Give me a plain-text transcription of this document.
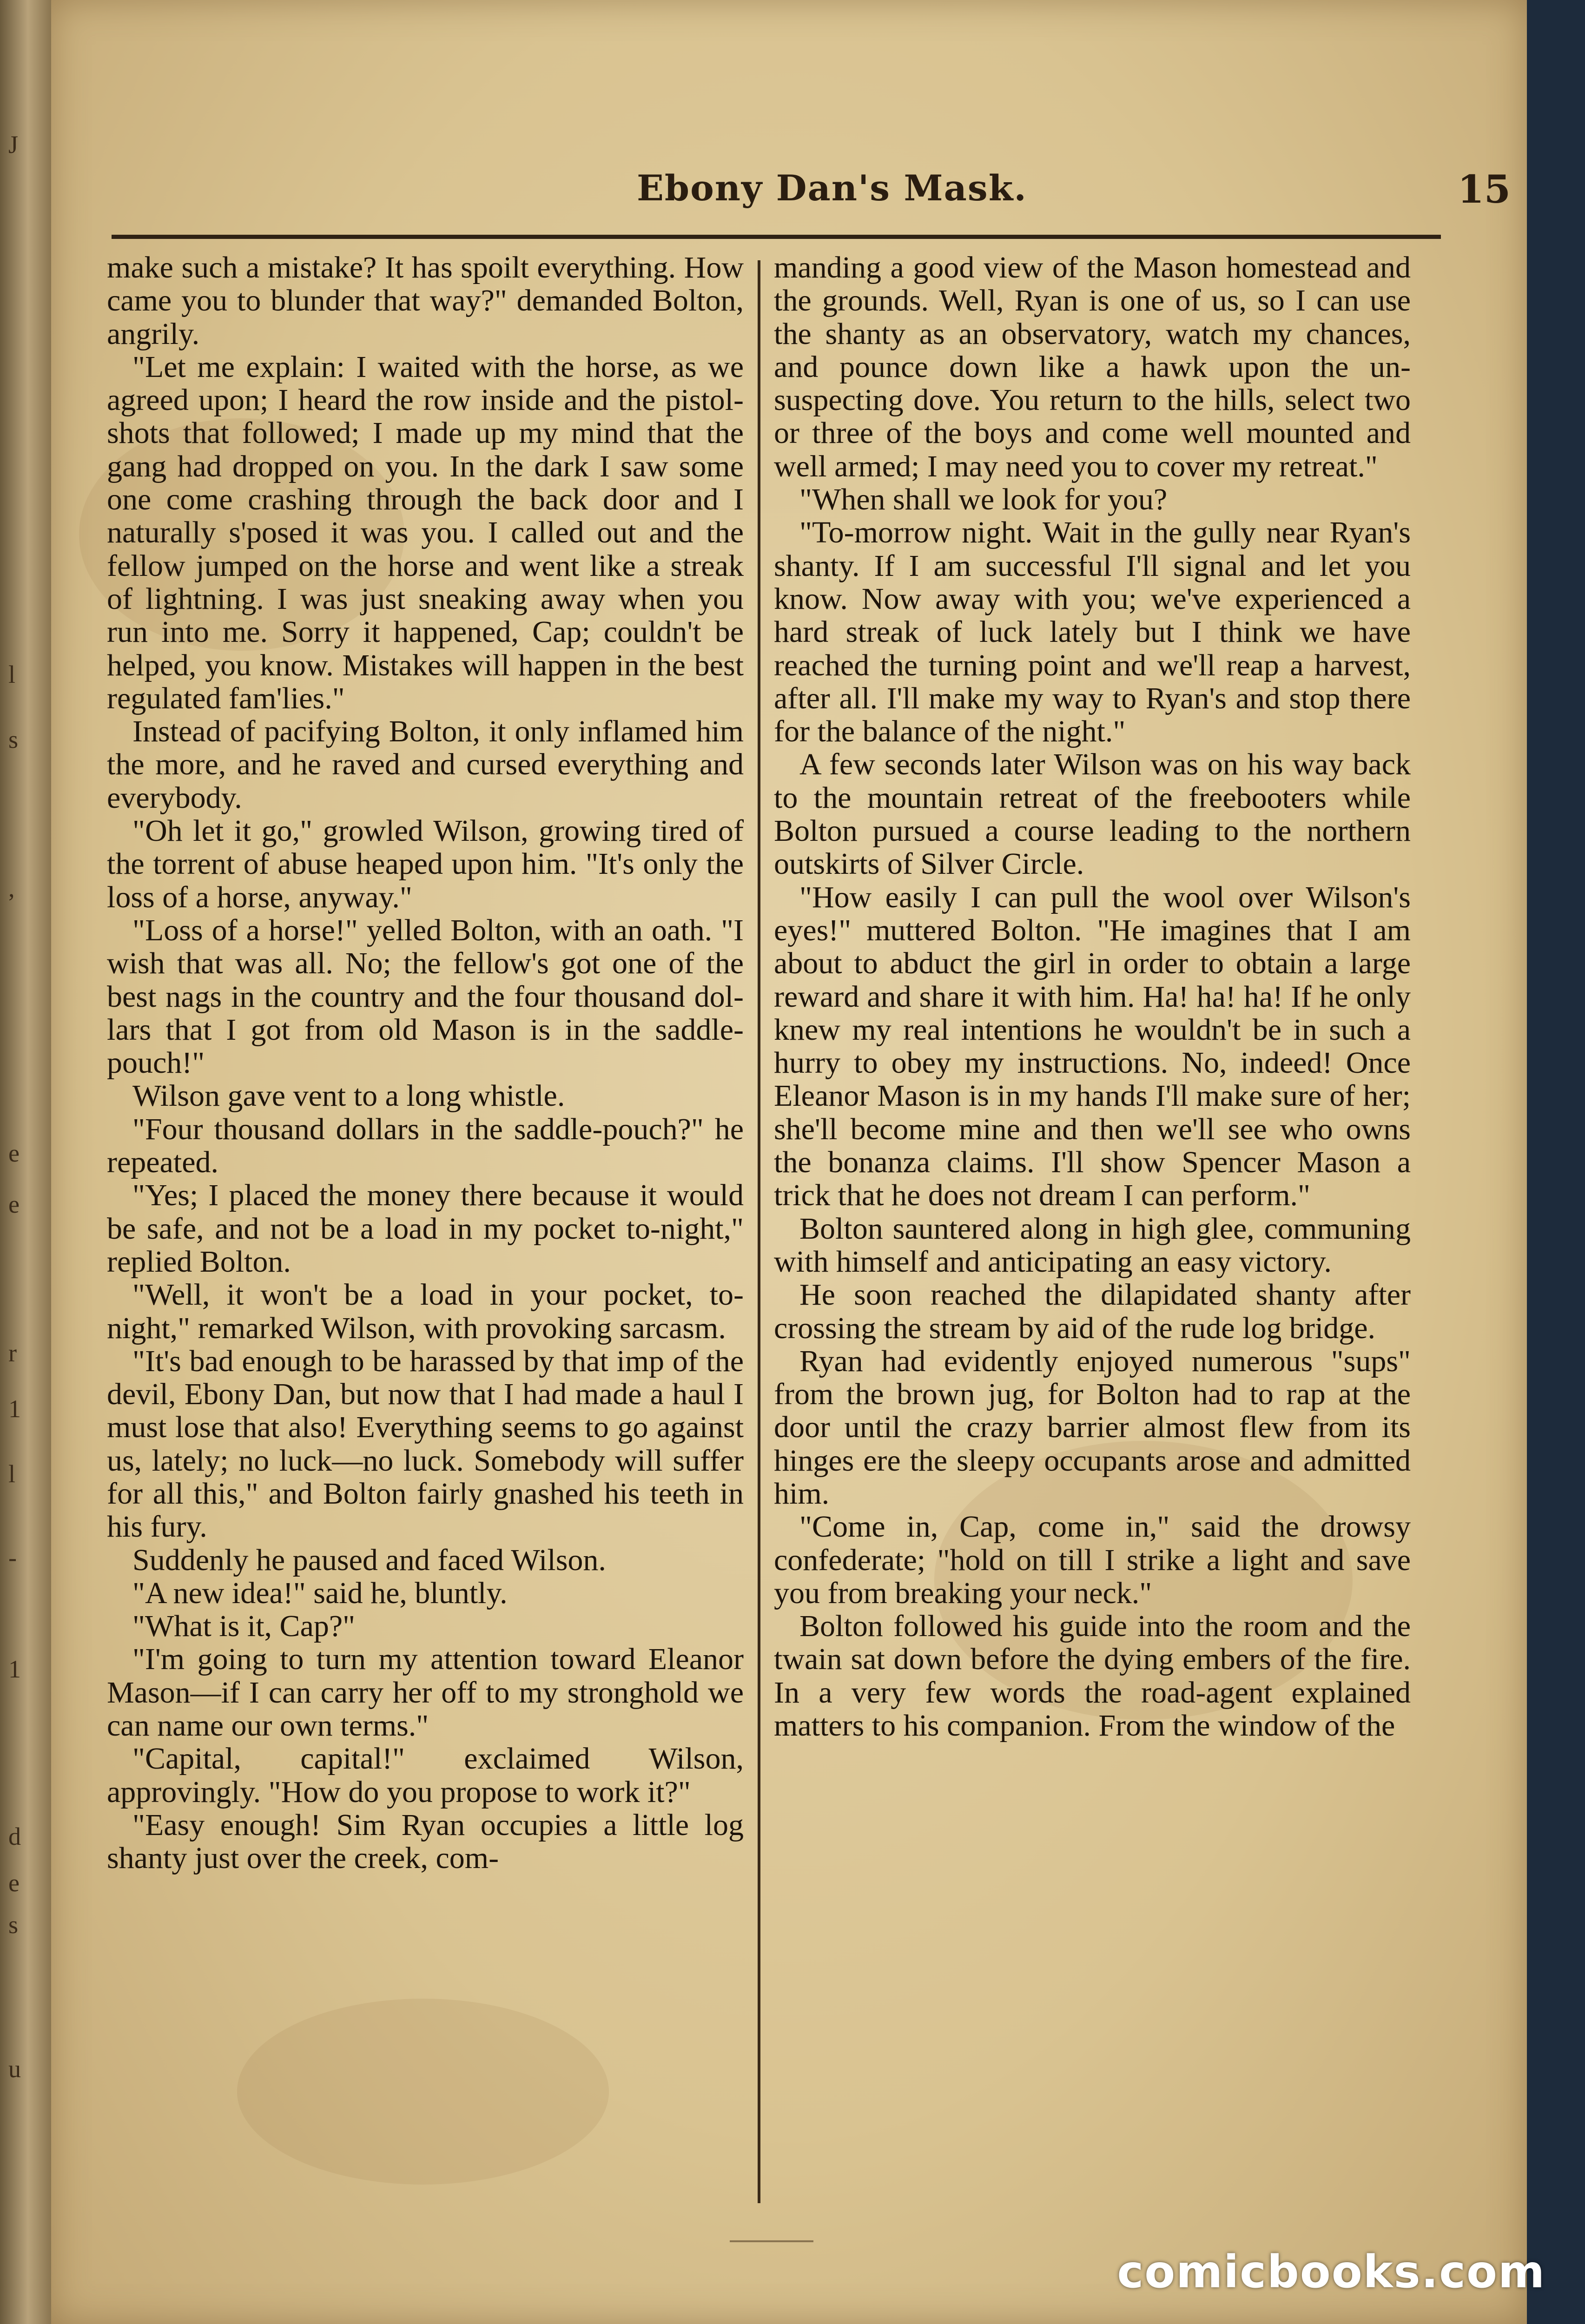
J
l
s
,
e
e
r
1
l
-
1
d
e
s
u
Ebony Dan's Mask.	15

make such a mistake? It has spoilt everything. How came you to blunder that way?" demanded Bolton, angrily.

"Let me explain: I waited with the horse, as we agreed upon; I heard the row inside and the pistol-shots that followed; I made up my mind that the gang had dropped on you. In the dark I saw some one come crashing through the back door and I naturally s'posed it was you. I called out and the fellow jumped on the horse and went like a streak of lightning. I was just sneaking away when you run into me. Sorry it happened, Cap; couldn't be helped, you know. Mistakes will happen in the best regulated fam'lies."

Instead of pacifying Bolton, it only inflamed him the more, and he raved and cursed everything and everybody.

"Oh let it go," growled Wilson, growing tired of the torrent of abuse heaped upon him. "It's only the loss of a horse, anyway."

"Loss of a horse!" yelled Bolton, with an oath. "I wish that was all. No; the fellow's got one of the best nags in the country and the four thousand dollars that I got from old Mason is in the saddle-pouch!"

Wilson gave vent to a long whistle.

"Four thousand dollars in the saddle-pouch?" he repeated.

"Yes; I placed the money there because it would be safe, and not be a load in my pocket to-night," replied Bolton.

"Well, it won't be a load in your pocket, to-night," remarked Wilson, with provoking sarcasm.

"It's bad enough to be harassed by that imp of the devil, Ebony Dan, but now that I had made a haul I must lose that also! Everything seems to go against us, lately; no luck—no luck. Somebody will suffer for all this," and Bolton fairly gnashed his teeth in his fury.

Suddenly he paused and faced Wilson.

"A new idea!" said he, bluntly.

"What is it, Cap?"

"I'm going to turn my attention toward Eleanor Mason—if I can carry her off to my stronghold we can name our own terms."

"Capital, capital!" exclaimed Wilson, approvingly. "How do you propose to work it?"

"Easy enough! Sim Ryan occupies a little log shanty just over the creek, com-

manding a good view of the Mason homestead and the grounds. Well, Ryan is one of us, so I can use the shanty as an observatory, watch my chances, and pounce down like a hawk upon the unsuspecting dove. You return to the hills, select two or three of the boys and come well mounted and well armed; I may need you to cover my retreat."

"When shall we look for you?

"To-morrow night. Wait in the gully near Ryan's shanty. If I am successful I'll signal and let you know. Now away with you; we've experienced a hard streak of luck lately but I think we have reached the turning point and we'll reap a harvest, after all. I'll make my way to Ryan's and stop there for the balance of the night."

A few seconds later Wilson was on his way back to the mountain retreat of the freebooters while Bolton pursued a course leading to the northern outskirts of Silver Circle.

"How easily I can pull the wool over Wilson's eyes!" muttered Bolton. "He imagines that I am about to abduct the girl in order to obtain a large reward and share it with him. Ha! ha! ha! If he only knew my real intentions he wouldn't be in such a hurry to obey my instructions. No, indeed! Once Eleanor Mason is in my hands I'll make sure of her; she'll become mine and then we'll see who owns the bonanza claims. I'll show Spencer Mason a trick that he does not dream I can perform."

Bolton sauntered along in high glee, communing with himself and anticipating an easy victory.

He soon reached the dilapidated shanty after crossing the stream by aid of the rude log bridge.

Ryan had evidently enjoyed numerous "sups" from the brown jug, for Bolton had to rap at the door until the crazy barrier almost flew from its hinges ere the sleepy occupants arose and admitted him.

"Come in, Cap, come in," said the drowsy confederate; "hold on till I strike a light and save you from breaking your neck."

Bolton followed his guide into the room and the twain sat down before the dying embers of the fire. In a very few words the road-agent explained matters to his companion. From the window of the

comicbooks.com
